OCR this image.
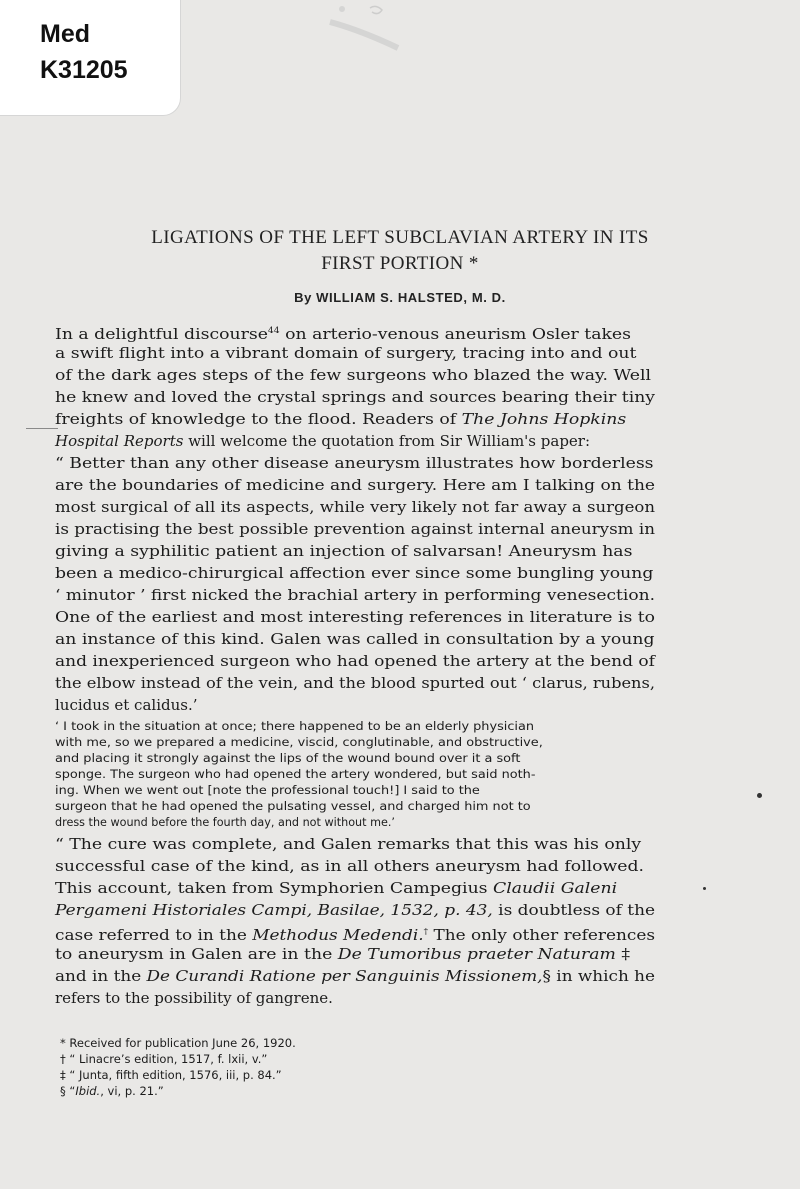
Med
K31205
LIGATIONS OF THE LEFT SUBCLAVIAN ARTERY IN ITS
FIRST PORTION *
By WILLIAM S. HALSTED, M. D.
In a delightful discourse$^{44}$ on arterio-venous aneurism Osler takes
a swift flight into a vibrant domain of surgery, tracing into and out
of the dark ages steps of the few surgeons who blazed the way. Well
he knew and loved the crystal springs and sources bearing their tiny
freights of knowledge to the flood. Readers of The Johns Hopkins
Hospital Reports will welcome the quotation from Sir William's paper:
“ Better than any other disease aneurysm illustrates how borderless
are the boundaries of medicine and surgery. Here am I talking on the
most surgical of all its aspects, while very likely not far away a surgeon
is practising the best possible prevention against internal aneurysm in
giving a syphilitic patient an injection of salvarsan! Aneurysm has
been a medico-chirurgical affection ever since some bungling young
‘ minutor ’ first nicked the brachial artery in performing venesection.
One of the earliest and most interesting references in literature is to
an instance of this kind. Galen was called in consultation by a young
and inexperienced surgeon who had opened the artery at the bend of
the elbow instead of the vein, and the blood spurted out ‘ clarus, rubens,
lucidus et calidus.’
‘ I took in the situation at once; there happened to be an elderly physician
with me, so we prepared a medicine, viscid, conglutinable, and obstructive,
and placing it strongly against the lips of the wound bound over it a soft
sponge. The surgeon who had opened the artery wondered, but said noth-
ing. When we went out [note the professional touch!] I said to the
surgeon that he had opened the pulsating vessel, and charged him not to
dress the wound before the fourth day, and not without me.’
“ The cure was complete, and Galen remarks that this was his only
successful case of the kind, as in all others aneurysm had followed.
This account, taken from Symphorien Campegius Claudii Galeni
Pergameni Historiales Campi, Basilae, 1532, p. 43, is doubtless of the
case referred to in the Methodus Medendi.† The only other references
to aneurysm in Galen are in the De Tumoribus praeter Naturam ‡
and in the De Curandi Ratione per Sanguinis Missionem,§ in which he
refers to the possibility of gangrene.
* Received for publication June 26, 1920.
† “ Linacre’s edition, 1517, f. lxii, v.”
‡ “ Junta, fifth edition, 1576, iii, p. 84.”
§ “Ibid., vi, p. 21.”
